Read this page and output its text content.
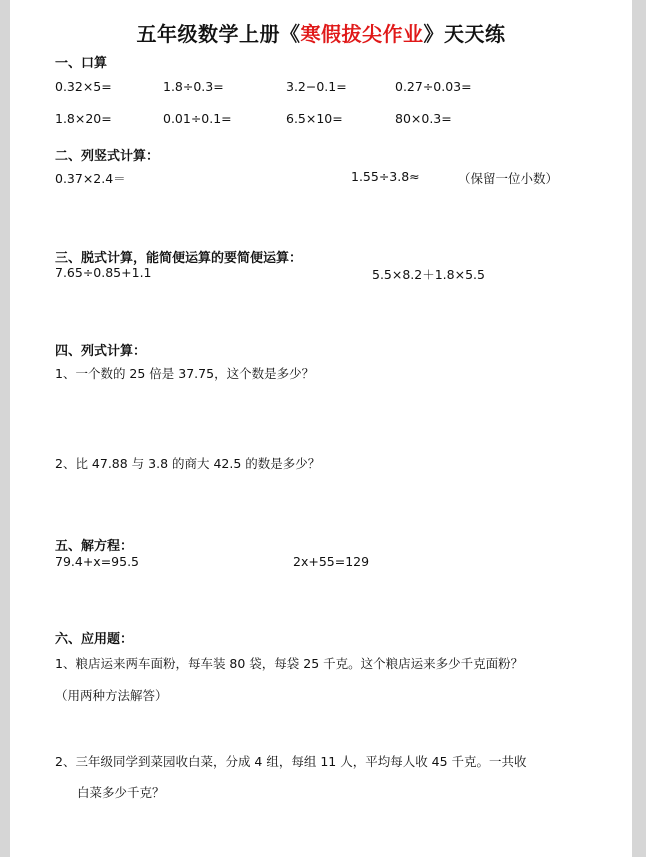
五年级数学上册《寒假拔尖作业》天天练
一、口算
0.32×5=	1.8÷0.3=	3.2−0.1=	0.27÷0.03=
1.8×20=	0.01÷0.1=	6.5×10=	80×0.3=
二、列竖式计算：
0.37×2.4＝	1.55÷3.8≈	（保留一位小数）
三、脱式计算，能简便运算的要简便运算：
7.65÷0.85+1.1	5.5×8.2＋1.8×5.5
四、列式计算：
1、一个数的 25 倍是 37.75，这个数是多少？
2、比 47.88 与 3.8 的商大 42.5 的数是多少？
五、解方程：
79.4+x=95.5	2x+55=129
六、应用题：
1、粮店运来两车面粉，每车装 80 袋，每袋 25 千克。这个粮店运来多少千克面粉？
（用两种方法解答）
2、三年级同学到菜园收白菜，分成 4 组，每组 11 人，平均每人收 45 千克。一共收
白菜多少千克？
